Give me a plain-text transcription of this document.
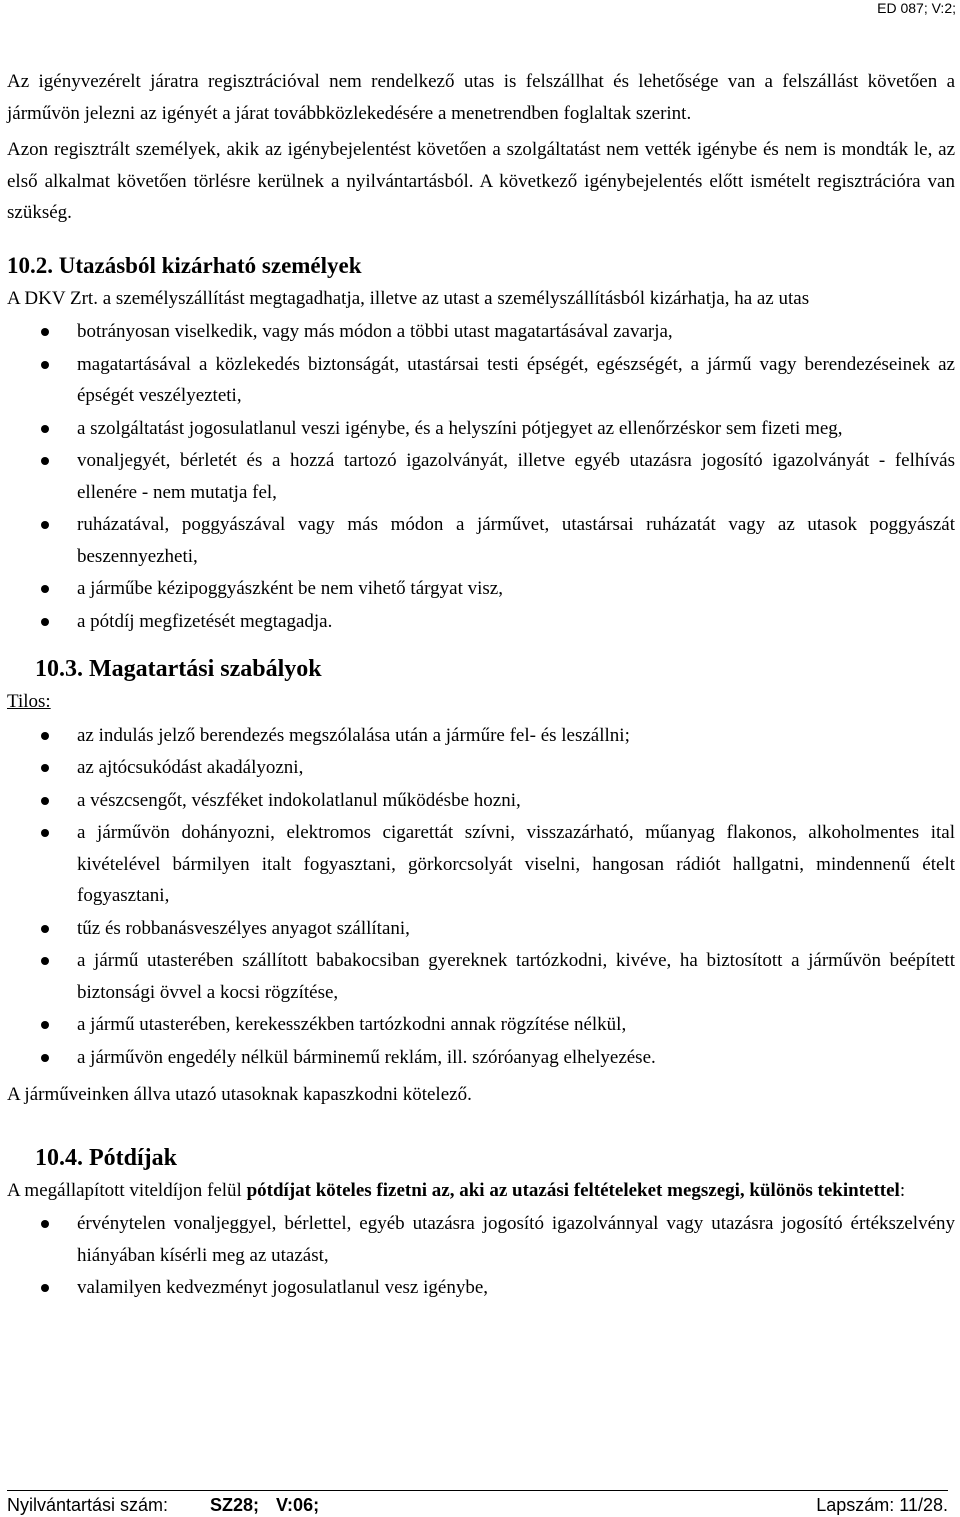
ED 087; V:2;

Az igényvezérelt járatra regisztrációval nem rendelkező utas is felszállhat és lehetősége van a felszállást követően a járművön jelezni az igényét a járat továbbközlekedésére a menetrendben foglaltak szerint.

Azon regisztrált személyek, akik az igénybejelentést követően a szolgáltatást nem vették igénybe és nem is mondták le, az első alkalmat követően törlésre kerülnek a nyilvántartásból. A következő igénybejelentés előtt ismételt regisztrációra van szükség.

10.2. Utazásból kizárható személyek

A DKV Zrt. a személyszállítást megtagadhatja, illetve az utast a személyszállításból kizárhatja, ha az utas

botrányosan viselkedik, vagy más módon a többi utast magatartásával zavarja,
magatartásával a közlekedés biztonságát, utastársai testi épségét, egészségét, a jármű vagy berendezéseinek az épségét veszélyezteti,
a szolgáltatást jogosulatlanul veszi igénybe, és a helyszíni pótjegyet az ellenőrzéskor sem fizeti meg,
vonaljegyét, bérletét és a hozzá tartozó igazolványát, illetve egyéb utazásra jogosító igazolványát - felhívás ellenére - nem mutatja fel,
ruházatával, poggyászával vagy más módon a járművet, utastársai ruházatát vagy az utasok poggyászát beszennyezheti,
a járműbe kézipoggyászként be nem vihető tárgyat visz,
a pótdíj megfizetését megtagadja.
10.3. Magatartási szabályok

Tilos:

az indulás jelző berendezés megszólalása után a járműre fel- és leszállni;
az ajtócsukódást akadályozni,
a vészcsengőt, vészféket indokolatlanul működésbe hozni,
a járművön dohányozni, elektromos cigarettát szívni, visszazárható, műanyag flakonos, alkoholmentes ital kivételével bármilyen italt fogyasztani, görkorcsolyát viselni, hangosan rádiót hallgatni, mindennenű ételt fogyasztani,
tűz és robbanásveszélyes anyagot szállítani,
a jármű utasterében szállított babakocsiban gyereknek tartózkodni, kivéve, ha biztosított a járművön beépített biztonsági övvel a kocsi rögzítése,
a jármű utasterében, kerekesszékben tartózkodni annak rögzítése nélkül,
a járművön engedély nélkül bárminemű reklám, ill. szóróanyag elhelyezése.

A járműveinken állva utazó utasoknak kapaszkodni kötelező.

10.4. Pótdíjak

A megállapított viteldíjon felül pótdíjat köteles fizetni az, aki az utazási feltételeket megszegi, különös tekintettel:

érvénytelen vonaljeggyel, bérlettel, egyéb utazásra jogosító igazolvánnyal vagy utazásra jogosító értékszelvény hiányában kísérli meg az utazást,
valamilyen kedvezményt jogosulatlanul vesz igénybe,
Nyilvántartási szám: SZ28; V:06;	Lapszám: 11/28.
